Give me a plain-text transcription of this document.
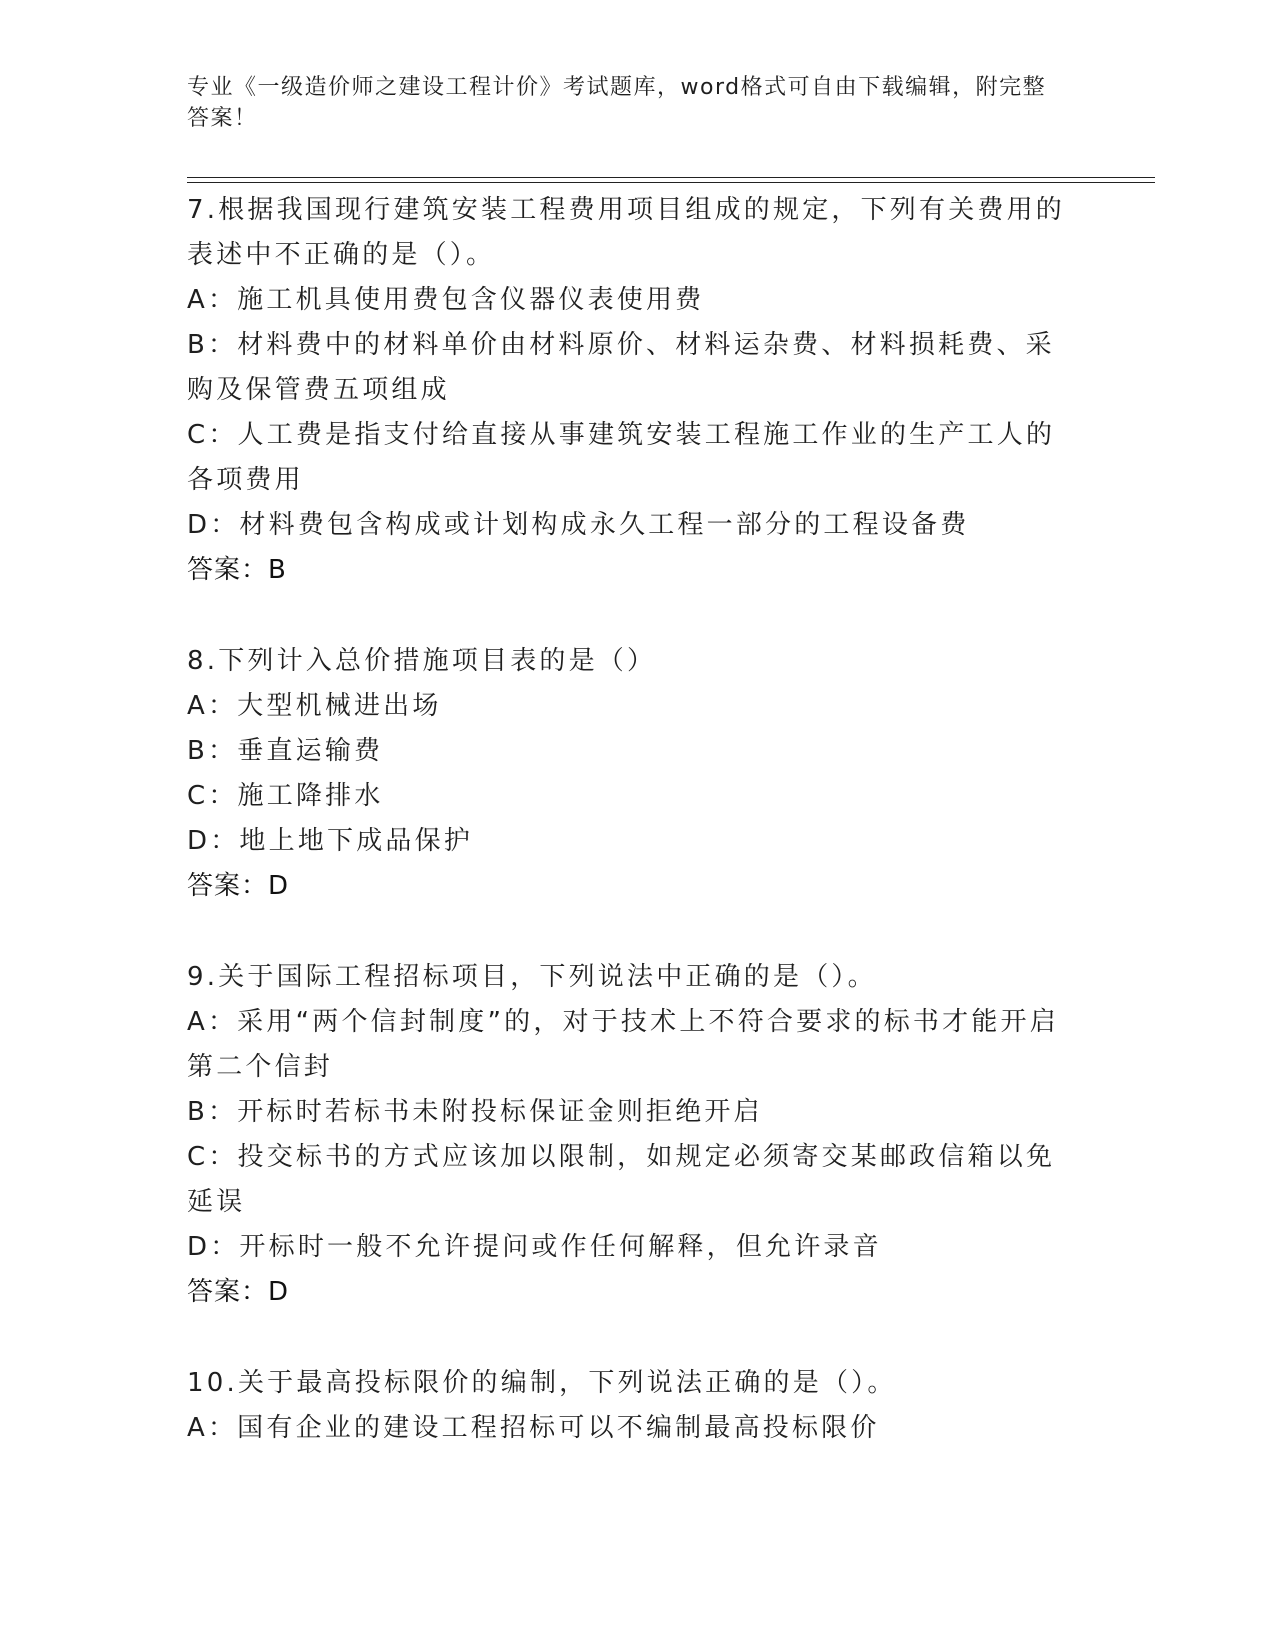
专业《一级造价师之建设工程计价》考试题库，word格式可自由下载编辑，附完整答案！

7.根据我国现行建筑安装工程费用项目组成的规定，下列有关费用的表述中不正确的是（）。

A：施工机具使用费包含仪器仪表使用费

B：材料费中的材料单价由材料原价、材料运杂费、材料损耗费、采购及保管费五项组成

C：人工费是指支付给直接从事建筑安装工程施工作业的生产工人的各项费用

D：材料费包含构成或计划构成永久工程一部分的工程设备费

答案：B

8.下列计入总价措施项目表的是（）

A：大型机械进出场

B：垂直运输费

C：施工降排水

D：地上地下成品保护

答案：D

9.关于国际工程招标项目，下列说法中正确的是（）。

A：采用“两个信封制度”的，对于技术上不符合要求的标书才能开启第二个信封

B：开标时若标书未附投标保证金则拒绝开启

C：投交标书的方式应该加以限制，如规定必须寄交某邮政信箱以免延误

D：开标时一般不允许提问或作任何解释，但允许录音

答案：D

10.关于最高投标限价的编制，下列说法正确的是（）。

A：国有企业的建设工程招标可以不编制最高投标限价
